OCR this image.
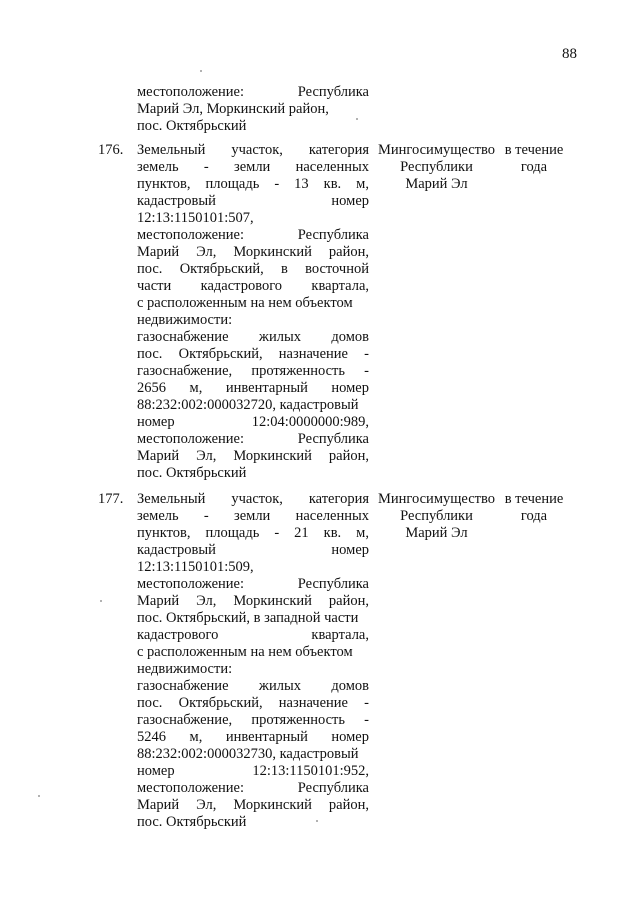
88
местоположение: Республика
Марий Эл, Моркинский район,
пос. Октябрьский
176. Земельный участок, категория
земель - земли населенных
пунктов, площадь - 13 кв. м,
кадастровый номер
12:13:1150101:507,
местоположение: Республика
Марий Эл, Моркинский район,
пос. Октябрьский, в восточной
части кадастрового квартала,
с расположенным на нем объектом
недвижимости:
газоснабжение жилых домов
пос. Октябрьский, назначение -
газоснабжение, протяженность -
2656 м, инвентарный номер
88:232:002:000032720, кадастровый
номер 12:04:0000000:989,
местоположение: Республика
Марий Эл, Моркинский район,
пос. Октябрьский
Мингосимущество
Республики
Марий Эл
в течение
года
177. Земельный участок, категория
земель - земли населенных
пунктов, площадь - 21 кв. м,
кадастровый номер
12:13:1150101:509,
местоположение: Республика
Марий Эл, Моркинский район,
пос. Октябрьский, в западной части
кадастрового квартала,
с расположенным на нем объектом
недвижимости:
газоснабжение жилых домов
пос. Октябрьский, назначение -
газоснабжение, протяженность -
5246 м, инвентарный номер
88:232:002:000032730, кадастровый
номер 12:13:1150101:952,
местоположение: Республика
Марий Эл, Моркинский район,
пос. Октябрьский
Мингосимущество
Республики
Марий Эл
в течение
года
